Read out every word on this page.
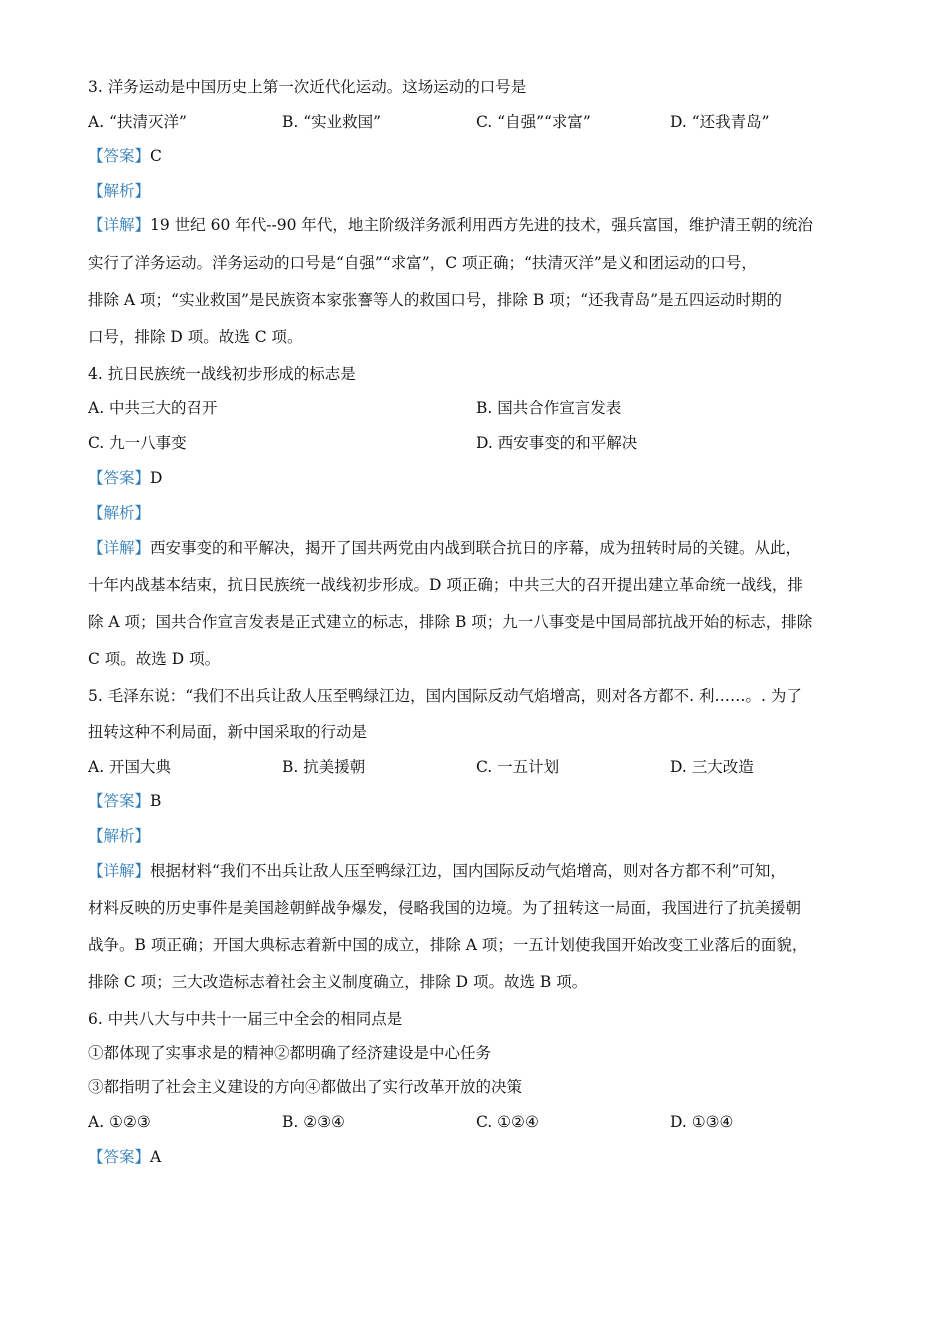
3. 洋务运动是中国历史上第一次近代化运动。这场运动的口号是
A. “扶清灭洋”	B. “实业救国”	C. “自强”“求富”	D. “还我青岛”
【答案】C
【解析】
【详解】19 世纪 60 年代--90 年代，地主阶级洋务派利用西方先进的技术，强兵富国，维护清王朝的统治
实行了洋务运动。洋务运动的口号是“自强”“求富”，C 项正确；“扶清灭洋”是义和团运动的口号，
排除 A 项；“实业救国”是民族资本家张謇等人的救国口号，排除 B 项；“还我青岛”是五四运动时期的
口号，排除 D 项。故选 C 项。
4. 抗日民族统一战线初步形成的标志是
A. 中共三大的召开	B. 国共合作宣言发表
C. 九一八事变	D. 西安事变的和平解决
【答案】D
【解析】
【详解】西安事变的和平解决，揭开了国共两党由内战到联合抗日的序幕，成为扭转时局的关键。从此，
十年内战基本结束，抗日民族统一战线初步形成。D 项正确；中共三大的召开提出建立革命统一战线，排
除 A 项；国共合作宣言发表是正式建立的标志，排除 B 项；九一八事变是中国局部抗战开始的标志，排除
C 项。故选 D 项。
5. 毛泽东说：“我们不出兵让敌人压至鸭绿江边，国内国际反动气焰增高，则对各方都不. 利……。. 为了
扭转这种不利局面，新中国采取的行动是
A. 开国大典	B. 抗美援朝	C. 一五计划	D. 三大改造
【答案】B
【解析】
【详解】根据材料“我们不出兵让敌人压至鸭绿江边，国内国际反动气焰增高，则对各方都不利”可知，
材料反映的历史事件是美国趁朝鲜战争爆发，侵略我国的边境。为了扭转这一局面，我国进行了抗美援朝
战争。B 项正确；开国大典标志着新中国的成立，排除 A 项；一五计划使我国开始改变工业落后的面貌，
排除 C 项；三大改造标志着社会主义制度确立，排除 D 项。故选 B 项。
6. 中共八大与中共十一届三中全会的相同点是
①都体现了实事求是的精神②都明确了经济建设是中心任务
③都指明了社会主义建设的方向④都做出了实行改革开放的决策
A. ①②③	B. ②③④	C. ①②④	D. ①③④
【答案】A
